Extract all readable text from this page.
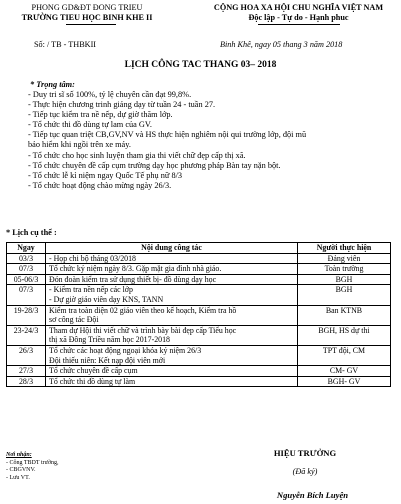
PHONG GD&ĐT ĐONG TRIEU
TRƯỜNG TIEU HỌC BINH KHE II
Số: / TB - THBKII
CỘNG HOA XA HỘI CHU NGHĨA VIỆT NAM
Độc lập - Tự do - Hạnh phuc
Binh Khê, ngay 05 thang 3 năm 2018
LỊCH CÔNG TAC THANG 03– 2018
* Trọng tâm:
- Duy tri sĩ số 100%, tỷ lệ chuyên cần đạt 99,8%.
- Thực hiện chương trinh giảng dạy từ tuần 24 - tuần 27.
- Tiếp tục kiểm tra nề nếp, dự giờ thăm lớp.
- Tổ chức thi đồ dùng tự lam của GV.
- Tiếp tục quan triệt CB,GV,NV và HS thực hiện nghiêm nội qui trường lớp, đội mũ
bảo hiểm khi ngồi trên xe máy.
- Tổ chức cho học sinh luyện tham gia thi viết chữ đẹp cấp thị xã.
- Tổ chức chuyên đề cấp cụm trường dạy học phương pháp Bàn tay nặn bột.
- Tổ chức lễ kỉ niệm ngay Quốc Tế phụ nữ 8/3
- Tổ chức hoạt động chào mừng ngày 26/3.
* Lịch cụ thể :
Ngay	Nội dung công tác	Người thực hiện
03/3	- Họp chi bộ tháng 03/2018	Đảng viên
07/3	Tổ chức kỷ niệm ngày 8/3. Gặp mặt gia đình nhà giáo.	Toàn trường
05-06/3	Đón đoàn kiểm tra sử dụng thiết bị- đồ dùng dạy học	BGH
07/3	- Kiểm tra nền nếp các lớp
- Dự giờ giáo viên dạy KNS, TANN	BGH
19-28/3	Kiểm tra toàn diện 02 giáo viên theo kế hoạch, Kiểm tra hồ
sơ công tác Đội	Ban KTNB
23-24/3	Tham dự Hội thi viết chữ và trình bày bài đẹp cấp Tiểu học
thị xã Đông Triều năm học 2017-2018	BGH, HS dự thi
26/3	Tổ chức các hoạt động ngoại khóa kỷ niệm 26/3
Đội thiếu niên: Kết nạp đội viên mới	TPT đội, CM
27/3	Tổ chức chuyên đề cấp cụm	CM- GV
28/3	Tổ chức thi đồ dùng tự làm	BGH- GV
Nơi nhận:
- Công TBDT trường,
- CBGVNV.
- Lưu VT.
HIỆU TRƯỞNG
(Đã ký)
Nguyễn Bích Luyện
